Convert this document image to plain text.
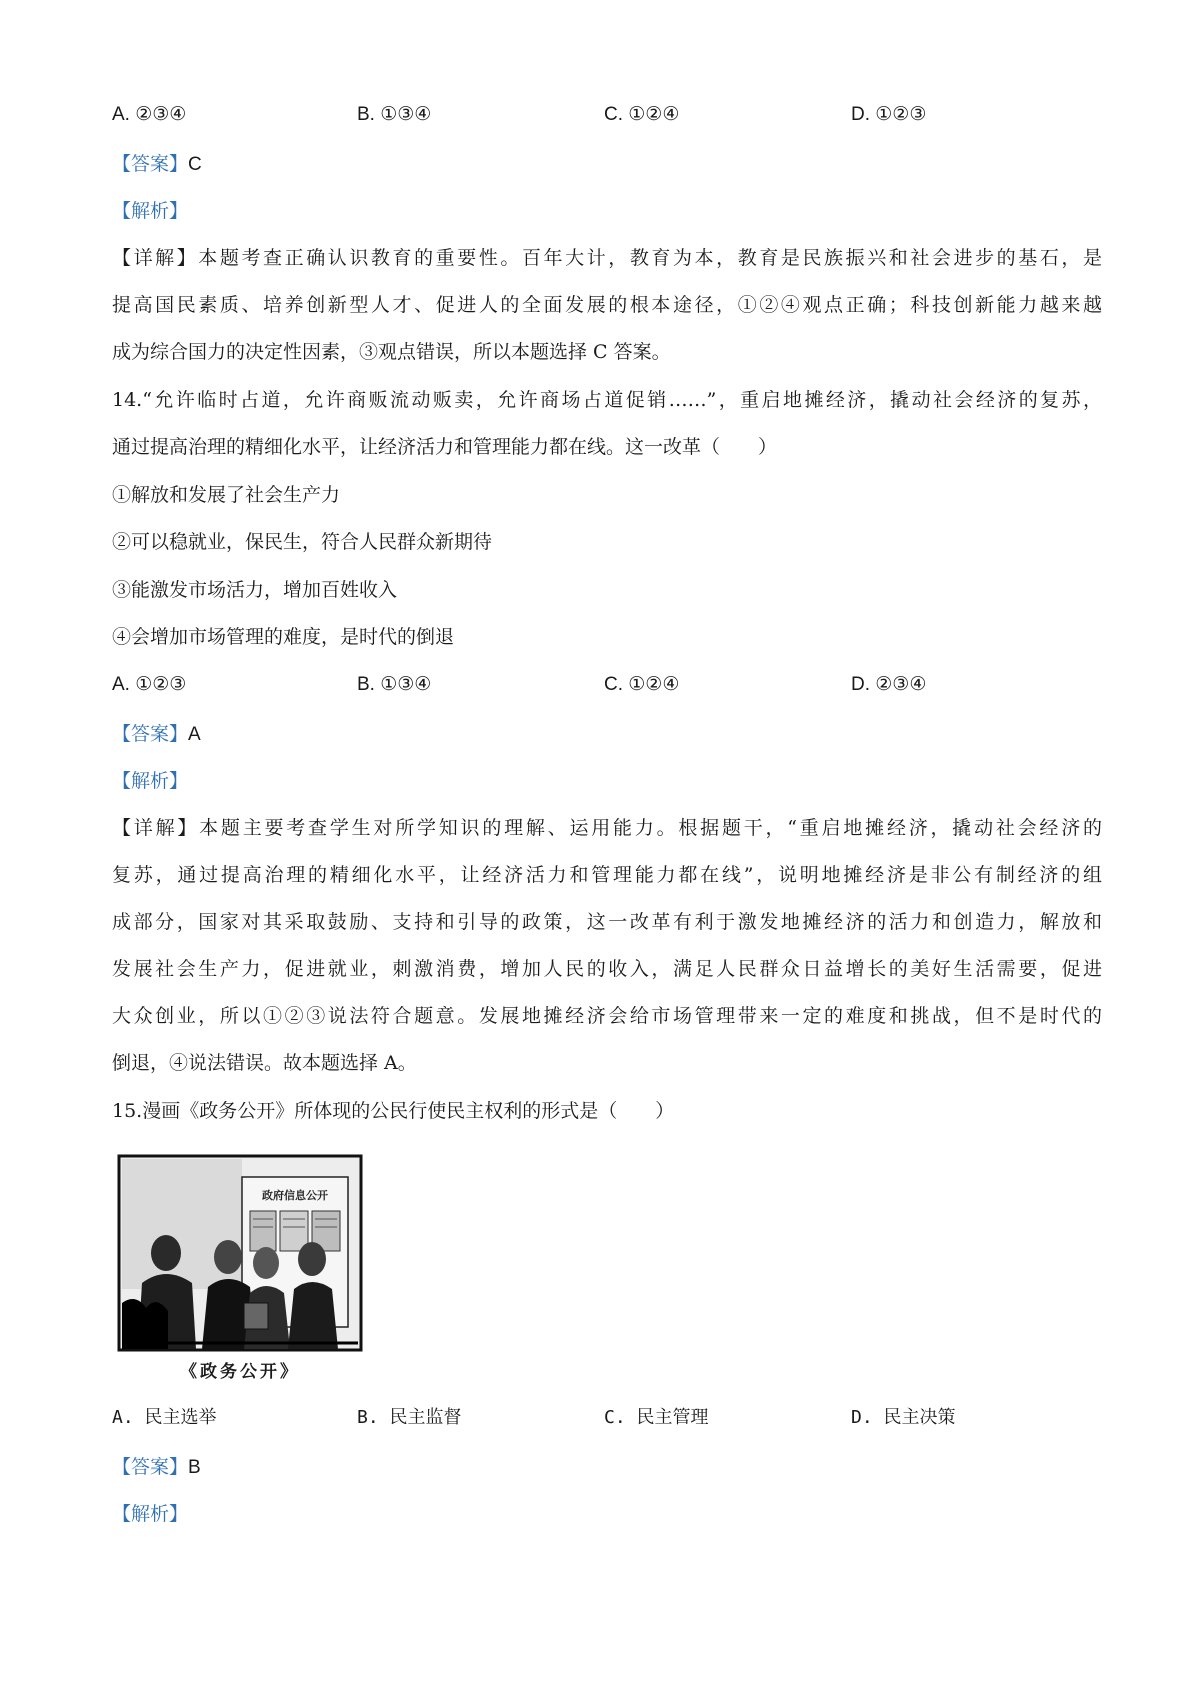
A. ②③④	B. ①③④	C. ①②④	D. ①②③
【答案】C
【解析】
【详解】本题考查正确认识教育的重要性。百年大计，教育为本，教育是民族振兴和社会进步的基石，是
提高国民素质、培养创新型人才、促进人的全面发展的根本途径，①②④观点正确；科技创新能力越来越
成为综合国力的决定性因素，③观点错误，所以本题选择 C 答案。
14.“允许临时占道，允许商贩流动贩卖，允许商场占道促销……”，重启地摊经济，撬动社会经济的复苏，
通过提高治理的精细化水平，让经济活力和管理能力都在线。这一改革（　　）
①解放和发展了社会生产力
②可以稳就业，保民生，符合人民群众新期待
③能激发市场活力，增加百姓收入
④会增加市场管理的难度，是时代的倒退
A. ①②③	B. ①③④	C. ①②④	D. ②③④
【答案】A
【解析】
【详解】本题主要考查学生对所学知识的理解、运用能力。根据题干，“重启地摊经济，撬动社会经济的
复苏，通过提高治理的精细化水平，让经济活力和管理能力都在线”，说明地摊经济是非公有制经济的组
成部分，国家对其采取鼓励、支持和引导的政策，这一改革有利于激发地摊经济的活力和创造力，解放和
发展社会生产力，促进就业，刺激消费，增加人民的收入，满足人民群众日益增长的美好生活需要，促进
大众创业，所以①②③说法符合题意。发展地摊经济会给市场管理带来一定的难度和挑战，但不是时代的
倒退，④说法错误。故本题选择 A。
15.漫画《政务公开》所体现的公民行使民主权利的形式是（　　）
政府信息公开
《政务公开》
A. 民主选举	B. 民主监督	C. 民主管理	D. 民主决策
【答案】B
【解析】
